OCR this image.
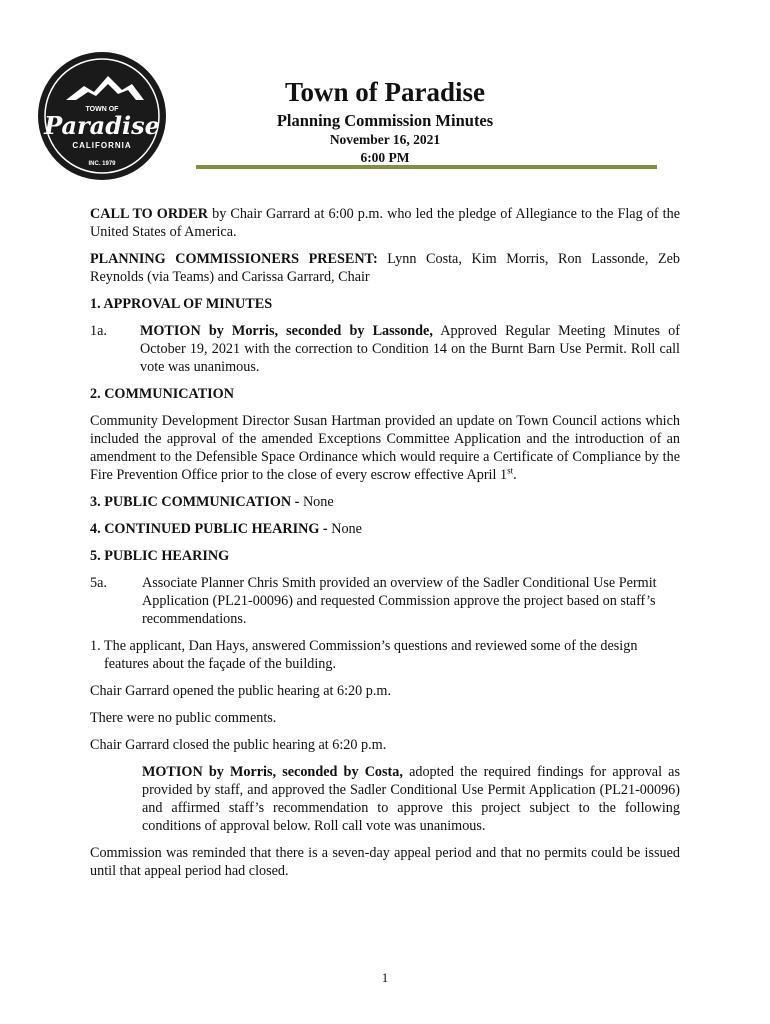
TOWN OF
Paradise
CALIFORNIA
INC. 1979
Town of Paradise
Planning Commission Minutes
November 16, 2021
6:00 PM

CALL TO ORDER by Chair Garrard at 6:00 p.m. who led the pledge of Allegiance to the Flag of the United States of America.

PLANNING COMMISSIONERS PRESENT: Lynn Costa, Kim Morris, Ron Lassonde, Zeb Reynolds (via Teams) and Carissa Garrard, Chair

1. APPROVAL OF MINUTES
1a.	MOTION by Morris, seconded by Lassonde, Approved Regular Meeting Minutes of October 19, 2021 with the correction to Condition 14 on the Burnt Barn Use Permit. Roll call vote was unanimous.
2. COMMUNICATION

Community Development Director Susan Hartman provided an update on Town Council actions which included the approval of the amended Exceptions Committee Application and the introduction of an amendment to the Defensible Space Ordinance which would require a Certificate of Compliance by the Fire Prevention Office prior to the close of every escrow effective April 1st.

3. PUBLIC COMMUNICATION - None

4. CONTINUED PUBLIC HEARING - None

5. PUBLIC HEARING
5a.	Associate Planner Chris Smith provided an overview of the Sadler Conditional Use Permit Application (PL21-00096) and requested Commission approve the project based on staff’s recommendations.

1. The applicant, Dan Hays, answered Commission’s questions and reviewed some of the design features about the façade of the building.

Chair Garrard opened the public hearing at 6:20 p.m.

There were no public comments.

Chair Garrard closed the public hearing at 6:20 p.m.

MOTION by Morris, seconded by Costa, adopted the required findings for approval as provided by staff, and approved the Sadler Conditional Use Permit Application (PL21-00096) and affirmed staff’s recommendation to approve this project subject to the following conditions of approval below. Roll call vote was unanimous.

Commission was reminded that there is a seven-day appeal period and that no permits could be issued until that appeal period had closed.

1
